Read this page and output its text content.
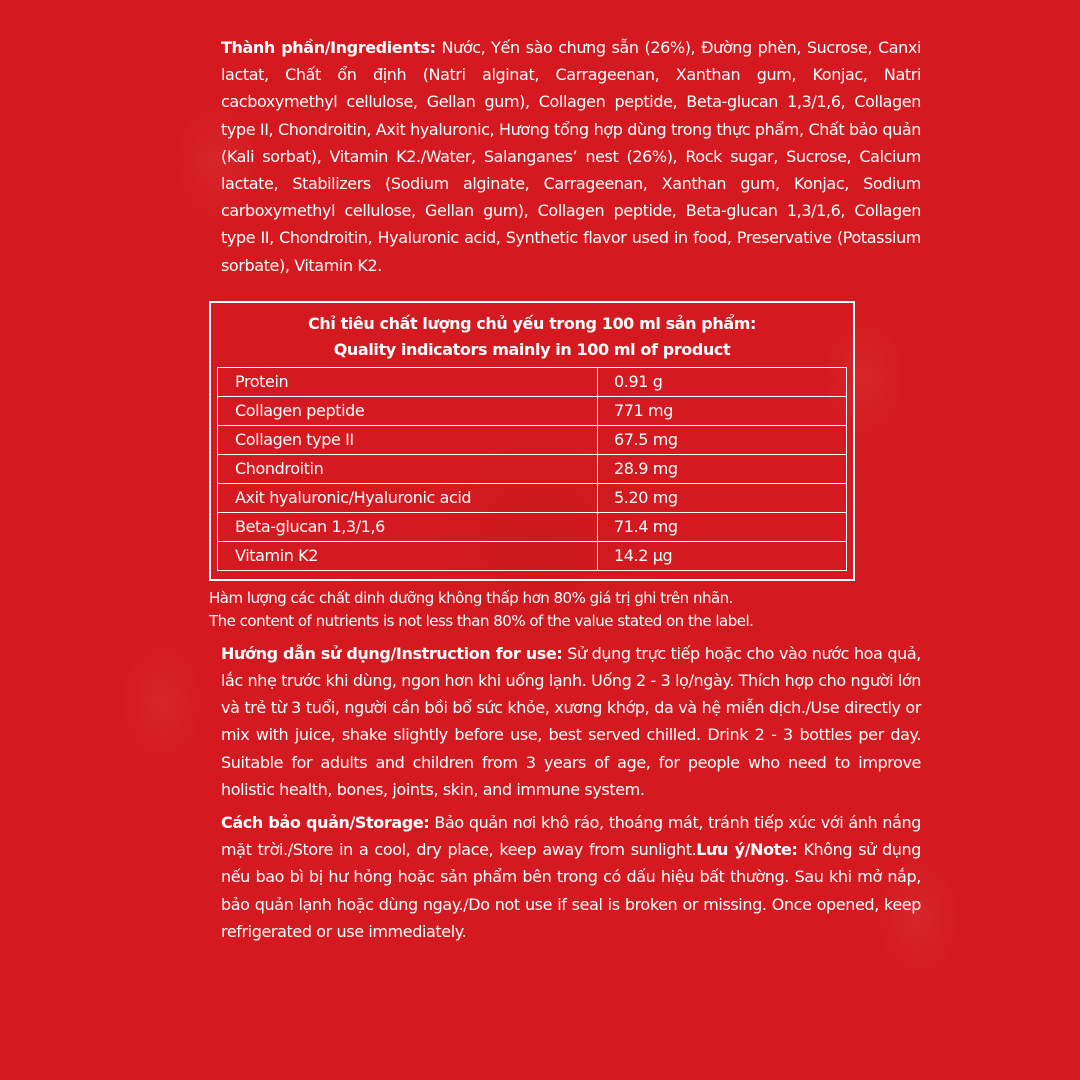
Thành phần/Ingredients: Nước, Yến sào chưng sẵn (26%), Đường phèn, Sucrose, Canxi lactat, Chất ổn định (Natri alginat, Carrageenan, Xanthan gum, Konjac, Natri cacboxymethyl cellulose, Gellan gum), Collagen peptide, Beta-glucan 1,3/1,6, Collagen type II, Chondroitin, Axit hyaluronic, Hương tổng hợp dùng trong thực phẩm, Chất bảo quản (Kali sorbat), Vitamin K2./Water, Salanganes’ nest (26%), Rock sugar, Sucrose, Calcium lactate, Stabilizers (Sodium alginate, Carrageenan, Xanthan gum, Konjac, Sodium carboxymethyl cellulose, Gellan gum), Collagen peptide, Beta-glucan 1,3/1,6, Collagen type II, Chondroitin, Hyaluronic acid, Synthetic flavor used in food, Preservative (Potassium sorbate), Vitamin K2.

Chỉ tiêu chất lượng chủ yếu trong 100 ml sản phẩm:
Quality indicators mainly in 100 ml of product
Protein	0.91 g
Collagen peptide	771 mg
Collagen type II	67.5 mg
Chondroitin	28.9 mg
Axit hyaluronic/Hyaluronic acid	5.20 mg
Beta-glucan 1,3/1,6	71.4 mg
Vitamin K2	14.2 µg
Hàm lượng các chất dinh dưỡng không thấp hơn 80% giá trị ghi trên nhãn.
The content of nutrients is not less than 80% of the value stated on the label.

Hướng dẫn sử dụng/Instruction for use: Sử dụng trực tiếp hoặc cho vào nước hoa quả, lắc nhẹ trước khi dùng, ngon hơn khi uống lạnh. Uống 2 - 3 lọ/ngày. Thích hợp cho người lớn và trẻ từ 3 tuổi, người cần bồi bổ sức khỏe, xương khớp, da và hệ miễn dịch./Use directly or mix with juice, shake slightly before use, best served chilled. Drink 2 - 3 bottles per day. Suitable for adults and children from 3 years of age, for people who need to improve holistic health, bones, joints, skin, and immune system.

Cách bảo quản/Storage: Bảo quản nơi khô ráo, thoáng mát, tránh tiếp xúc với ánh nắng mặt trời./Store in a cool, dry place, keep away from sunlight.Lưu ý/Note: Không sử dụng nếu bao bì bị hư hỏng hoặc sản phẩm bên trong có dấu hiệu bất thường. Sau khi mở nắp, bảo quản lạnh hoặc dùng ngay./Do not use if seal is broken or missing. Once opened, keep refrigerated or use immediately.
